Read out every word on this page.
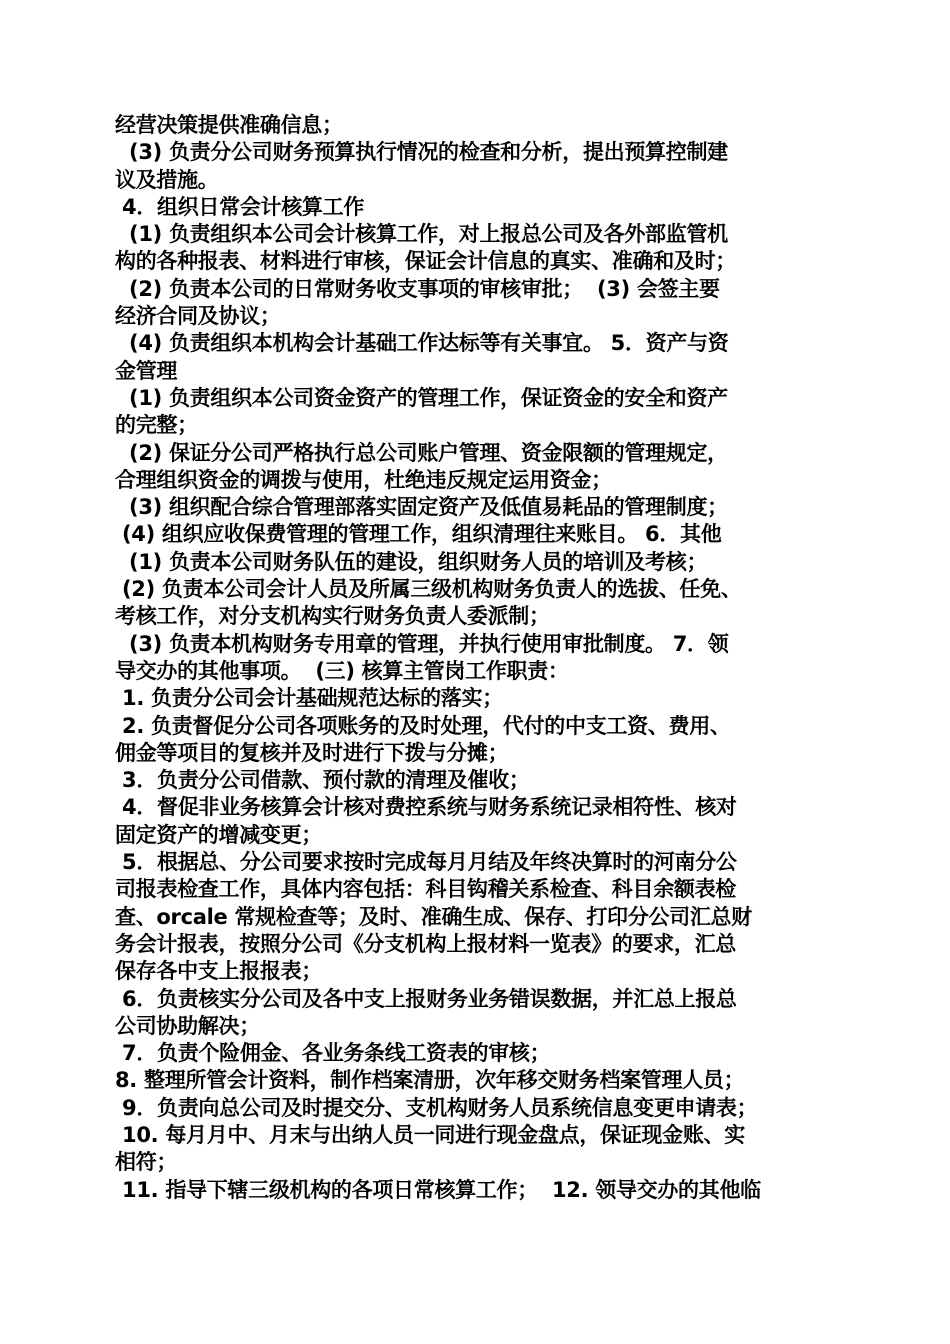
经营决策提供准确信息；
(3) 负责分公司财务预算执行情况的检查和分析，提出预算控制建
议及措施。
4．组织日常会计核算工作
(1) 负责组织本公司会计核算工作，对上报总公司及各外部监管机
构的各种报表、材料进行审核，保证会计信息的真实、准确和及时；
(2) 负责本公司的日常财务收支事项的审核审批；  (3) 会签主要
经济合同及协议；
(4) 负责组织本机构会计基础工作达标等有关事宜。 5．资产与资
金管理
(1) 负责组织本公司资金资产的管理工作，保证资金的安全和资产
的完整；
(2) 保证分公司严格执行总公司账户管理、资金限额的管理规定，
合理组织资金的调拨与使用，杜绝违反规定运用资金；
(3) 组织配合综合管理部落实固定资产及低值易耗品的管理制度；
(4) 组织应收保费管理的管理工作，组织清理往来账目。 6．其他
(1) 负责本公司财务队伍的建设，组织财务人员的培训及考核；
(2) 负责本公司会计人员及所属三级机构财务负责人的选拔、任免、
考核工作，对分支机构实行财务负责人委派制；
(3) 负责本机构财务专用章的管理，并执行使用审批制度。 7．领
导交办的其他事项。  (三) 核算主管岗工作职责：
1. 负责分公司会计基础规范达标的落实；
2. 负责督促分公司各项账务的及时处理，代付的中支工资、费用、
佣金等项目的复核并及时进行下拨与分摊；
3．负责分公司借款、预付款的清理及催收；
4．督促非业务核算会计核对费控系统与财务系统记录相符性、核对
固定资产的增减变更；
5．根据总、分公司要求按时完成每月月结及年终决算时的河南分公
司报表检查工作，具体内容包括：科目钩稽关系检查、科目余额表检
查、orcale 常规检查等；及时、准确生成、保存、打印分公司汇总财
务会计报表，按照分公司《分支机构上报材料一览表》的要求，汇总
保存各中支上报报表；
6．负责核实分公司及各中支上报财务业务错误数据，并汇总上报总
公司协助解决；
7．负责个险佣金、各业务条线工资表的审核；
8. 整理所管会计资料，制作档案清册，次年移交财务档案管理人员；
9．负责向总公司及时提交分、支机构财务人员系统信息变更申请表；
10. 每月月中、月末与出纳人员一同进行现金盘点，保证现金账、实
相符；
11. 指导下辖三级机构的各项日常核算工作；  12. 领导交办的其他临
